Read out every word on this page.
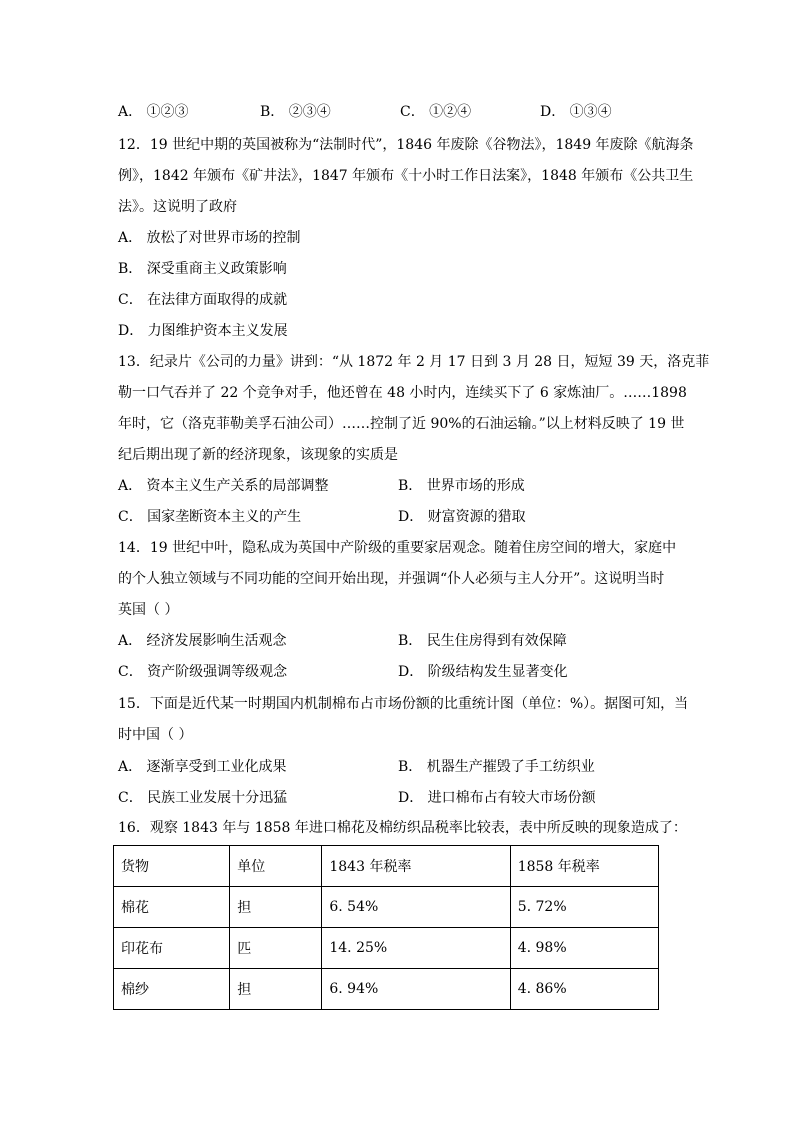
A． ①②③	B． ②③④	C． ①②④	D． ①③④
12．19 世纪中期的英国被称为“法制时代”，1846 年废除《谷物法》，1849 年废除《航海条
例》，1842 年颁布《矿井法》，1847 年颁布《十小时工作日法案》，1848 年颁布《公共卫生
法》。这说明了政府
A． 放松了对世界市场的控制
B． 深受重商主义政策影响
C． 在法律方面取得的成就
D． 力图维护资本主义发展
13．纪录片《公司的力量》讲到：“从 1872 年 2 月 17 日到 3 月 28 日，短短 39 天，洛克菲
勒一口气吞并了 22 个竞争对手，他还曾在 48 小时内，连续买下了 6 家炼油厂。……1898
年时，它（洛克菲勒美孚石油公司）……控制了近 90%的石油运输。”以上材料反映了 19 世
纪后期出现了新的经济现象，该现象的实质是
A． 资本主义生产关系的局部调整	B． 世界市场的形成
C． 国家垄断资本主义的产生	D． 财富资源的猎取
14．19 世纪中叶，隐私成为英国中产阶级的重要家居观念。随着住房空间的增大，家庭中
的个人独立领域与不同功能的空间开始出现，并强调“仆人必须与主人分开”。这说明当时
英国（ ）
A． 经济发展影响生活观念	B． 民生住房得到有效保障
C． 资产阶级强调等级观念	D． 阶级结构发生显著变化
15．下面是近代某一时期国内机制棉布占市场份额的比重统计图（单位：%）。据图可知，当
时中国（ ）
A． 逐渐享受到工业化成果	B． 机器生产摧毁了手工纺织业
C． 民族工业发展十分迅猛	D． 进口棉布占有较大市场份额
16．观察 1843 年与 1858 年进口棉花及棉纺织品税率比较表，表中所反映的现象造成了：
货物	单位	1843 年税率	1858 年税率
棉花	担	6. 54%	5. 72%
印花布	匹	14. 25%	4. 98%
棉纱	担	6. 94%	4. 86%
